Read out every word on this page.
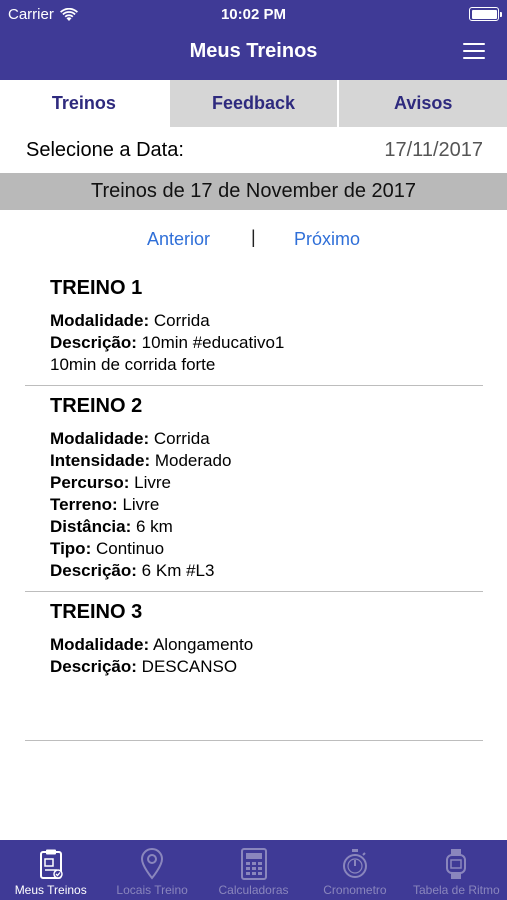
Carrier	10:02 PM
Meus Treinos
Treinos	Feedback	Avisos
Selecione a Data:	17/11/2017
Treinos de 17 de November de 2017
Anterior | Próximo
TREINO 1
Modalidade: Corrida
Descrição: 10min #educativo1
10min de corrida forte
TREINO 2
Modalidade: Corrida
Intensidade: Moderado
Percurso: Livre
Terreno: Livre
Distância: 6 km
Tipo: Continuo
Descrição: 6 Km #L3
TREINO 3
Modalidade: Alongamento
Descrição: DESCANSO
Meus Treinos Locais Treino	Calculadoras	Cronometro Tabela de Ritmo
